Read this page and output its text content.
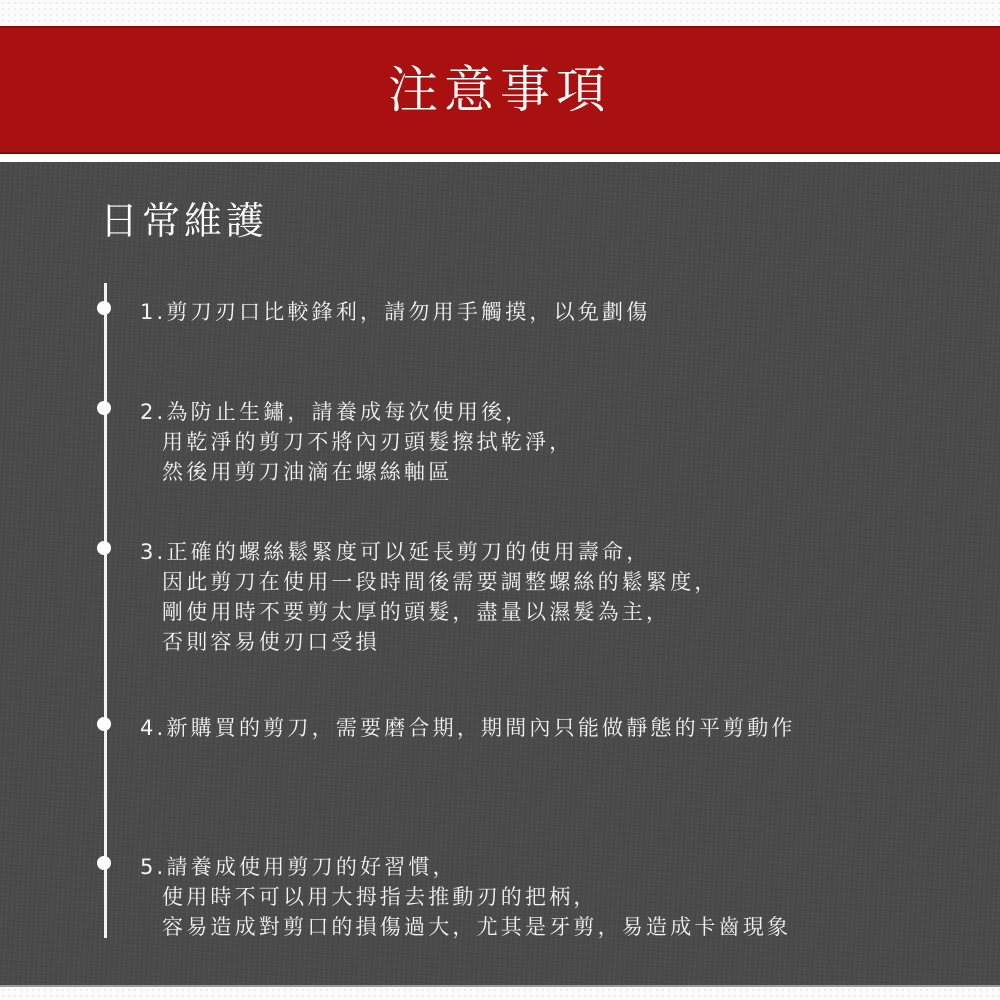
注意事項
日常維護
1.剪刀刃口比較鋒利，請勿用手觸摸，以免劃傷
2.為防止生鏽，請養成每次使用後，
用乾淨的剪刀不將內刃頭髮擦拭乾淨，
然後用剪刀油滴在螺絲軸區
3.正確的螺絲鬆緊度可以延長剪刀的使用壽命，
因此剪刀在使用一段時間後需要調整螺絲的鬆緊度，
剛使用時不要剪太厚的頭髮，盡量以濕髮為主，
否則容易使刃口受損
4.新購買的剪刀，需要磨合期，期間內只能做靜態的平剪動作
5.請養成使用剪刀的好習慣，
使用時不可以用大拇指去推動刃的把柄，
容易造成對剪口的損傷過大，尤其是牙剪，易造成卡齒現象
